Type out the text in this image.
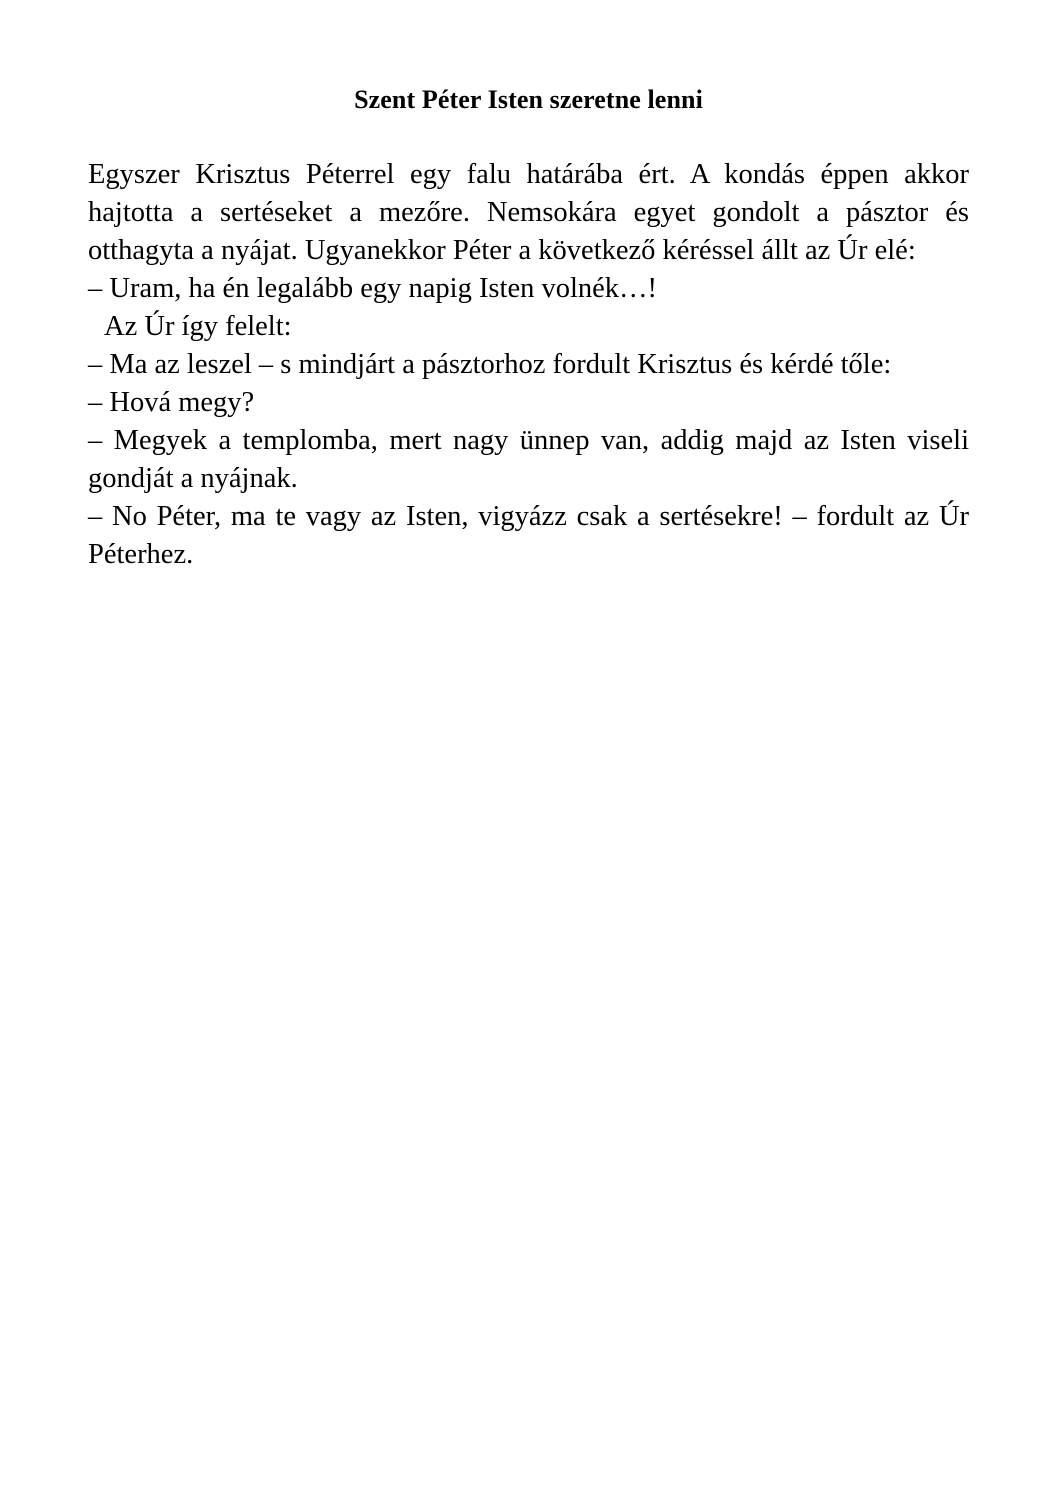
Szent Péter Isten szeretne lenni

Egyszer Krisztus Péterrel egy falu határába ért. A kondás éppen akkor hajtotta a sertéseket a mezőre. Nemsokára egyet gondolt a pásztor és otthagyta a nyájat. Ugyanekkor Péter a következő kéréssel állt az Úr elé:

– Uram, ha én legalább egy napig Isten volnék…!

Az Úr így felelt:

– Ma az leszel – s mindjárt a pásztorhoz fordult Krisztus és kérdé tőle:

– Hová megy?

– Megyek a templomba, mert nagy ünnep van, addig majd az Isten viseli gondját a nyájnak.

– No Péter, ma te vagy az Isten, vigyázz csak a sertésekre! – fordult az Úr Péterhez.
